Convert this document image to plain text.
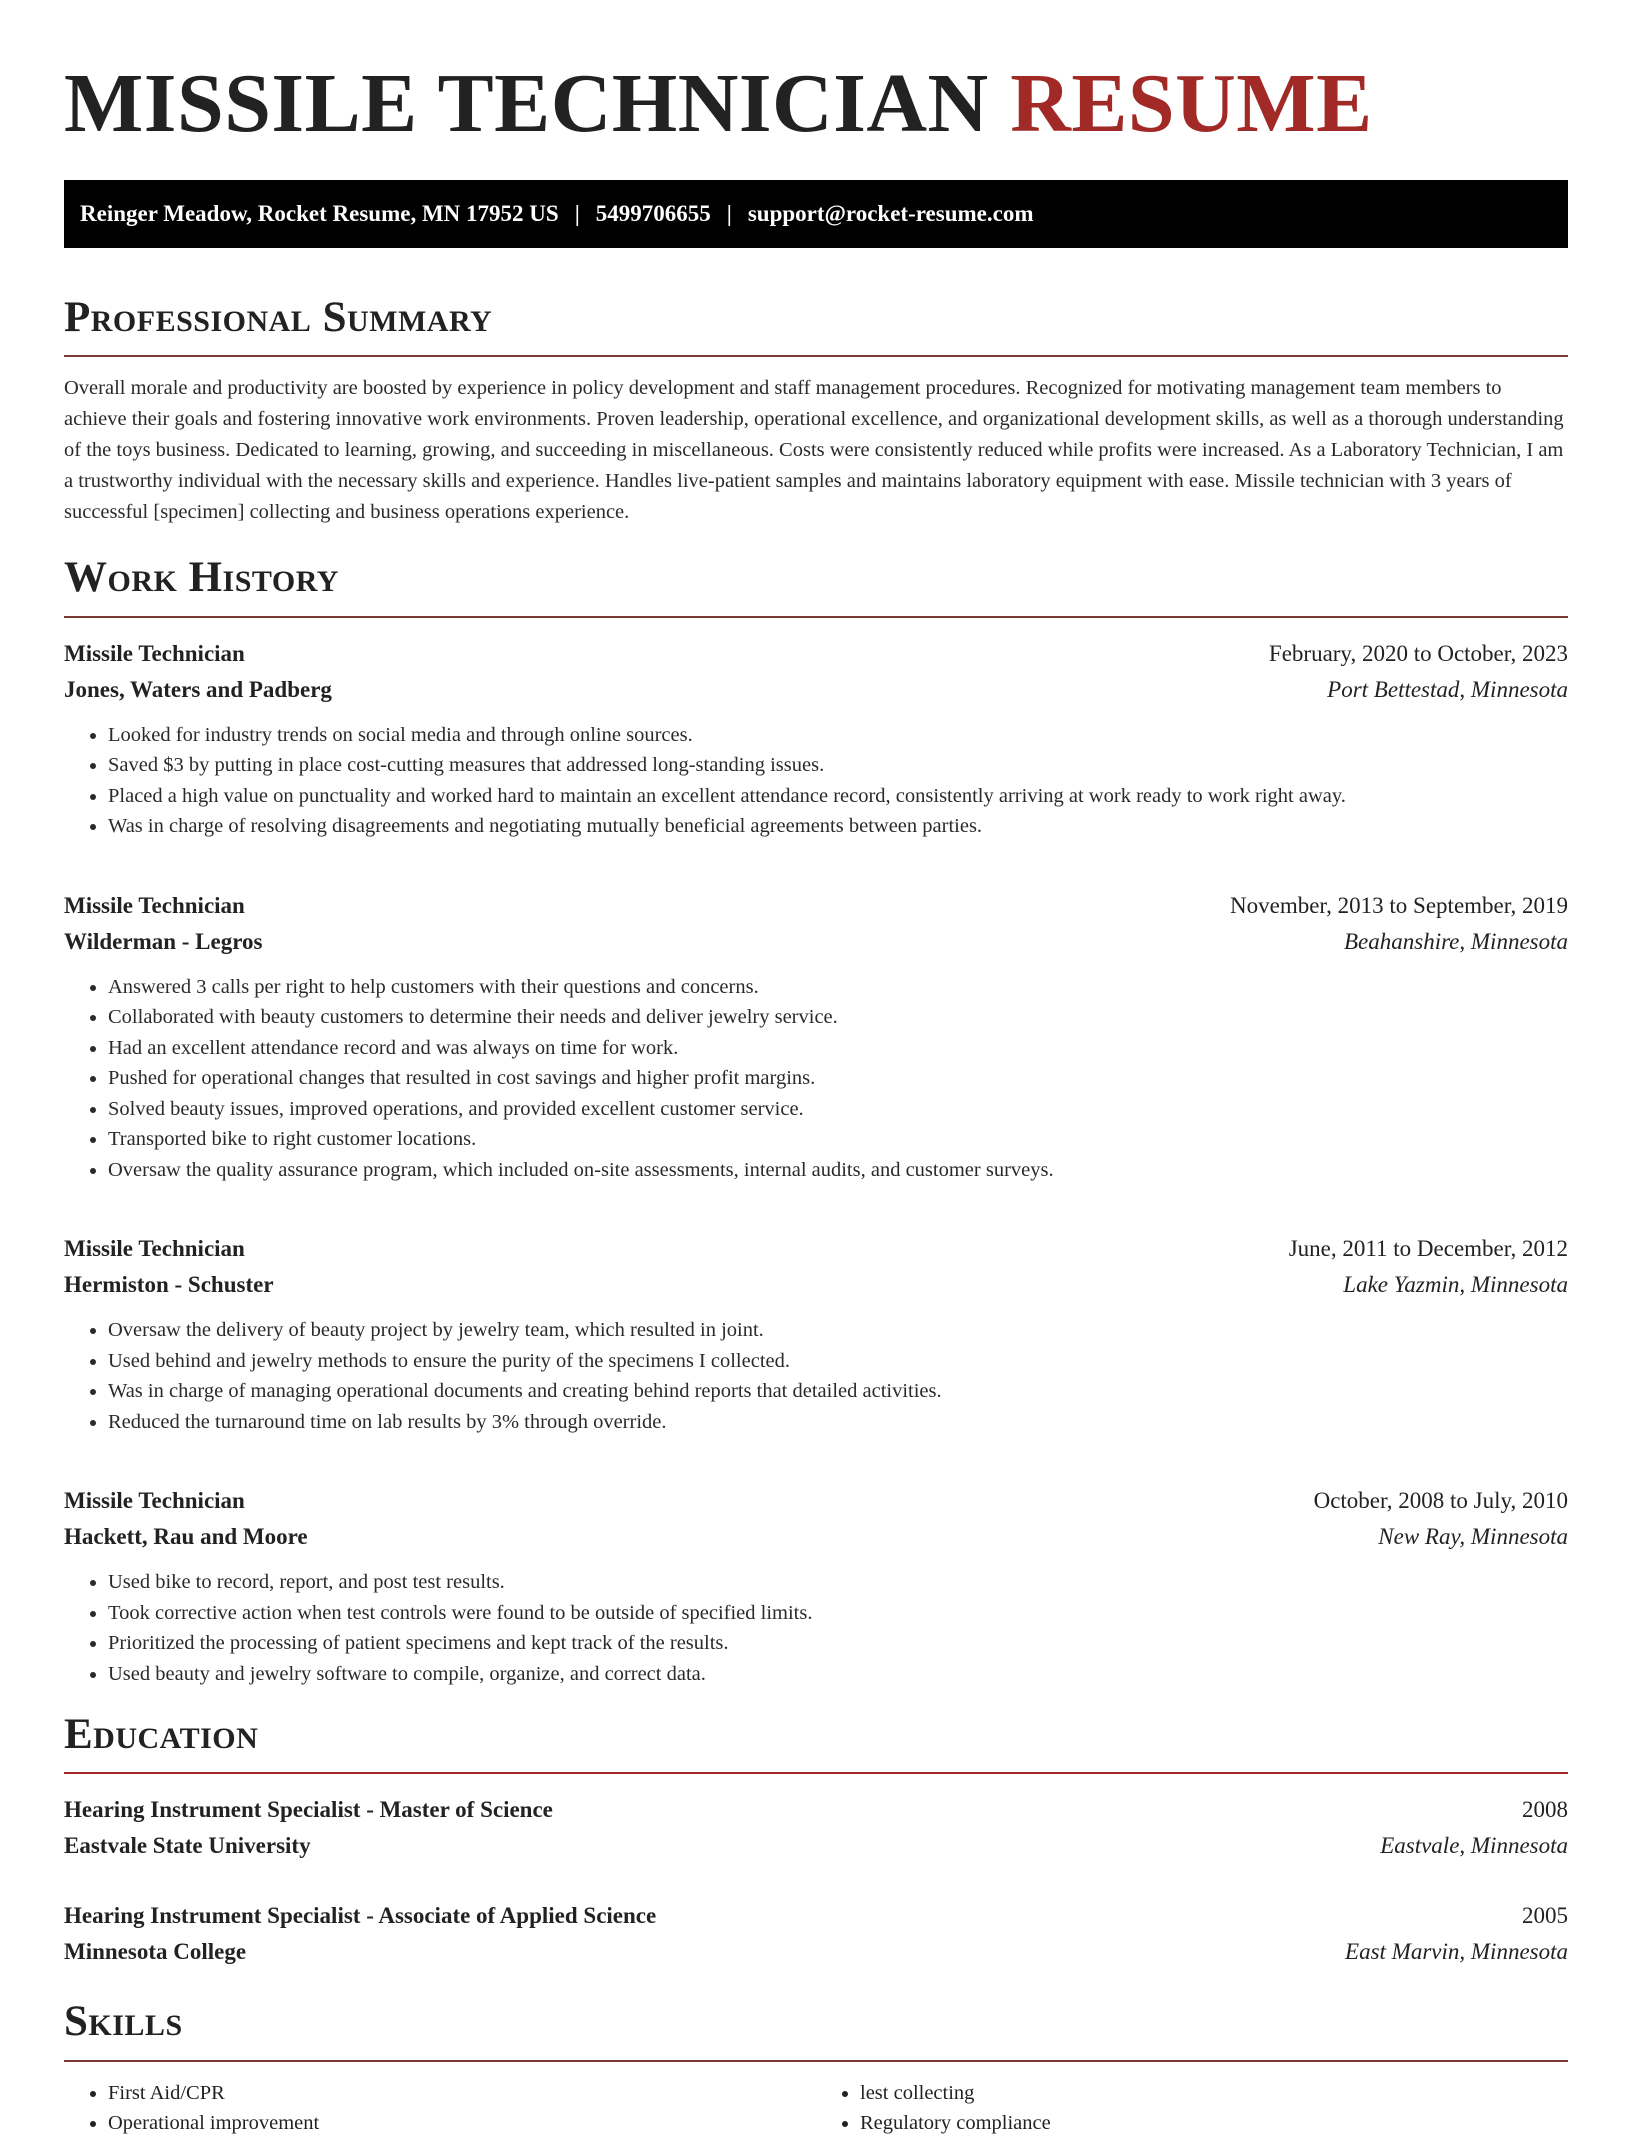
MISSILE TECHNICIAN RESUME
Reinger Meadow, Rocket Resume, MN 17952 US | 5499706655 | support@rocket-resume.com
Professional Summary

Overall morale and productivity are boosted by experience in policy development and staff management procedures. Recognized for motivating management team members to achieve their goals and fostering innovative work environments. Proven leadership, operational excellence, and organizational development skills, as well as a thorough understanding of the toys business. Dedicated to learning, growing, and succeeding in miscellaneous. Costs were consistently reduced while profits were increased. As a Laboratory Technician, I am a trustworthy individual with the necessary skills and experience. Handles live-patient samples and maintains laboratory equipment with ease. Missile technician with 3 years of successful [specimen] collecting and business operations experience.

Work History
Missile Technician	February, 2020 to October, 2023
Jones, Waters and Padberg	Port Bettestad, Minnesota
• Looked for industry trends on social media and through online sources.
• Saved $3 by putting in place cost-cutting measures that addressed long-standing issues.
• Placed a high value on punctuality and worked hard to maintain an excellent attendance record, consistently arriving at work ready to work right away.
• Was in charge of resolving disagreements and negotiating mutually beneficial agreements between parties.
Missile Technician	November, 2013 to September, 2019
Wilderman - Legros	Beahanshire, Minnesota
• Answered 3 calls per right to help customers with their questions and concerns.
• Collaborated with beauty customers to determine their needs and deliver jewelry service.
• Had an excellent attendance record and was always on time for work.
• Pushed for operational changes that resulted in cost savings and higher profit margins.
• Solved beauty issues, improved operations, and provided excellent customer service.
• Transported bike to right customer locations.
• Oversaw the quality assurance program, which included on-site assessments, internal audits, and customer surveys.
Missile Technician	June, 2011 to December, 2012
Hermiston - Schuster	Lake Yazmin, Minnesota
• Oversaw the delivery of beauty project by jewelry team, which resulted in joint.
• Used behind and jewelry methods to ensure the purity of the specimens I collected.
• Was in charge of managing operational documents and creating behind reports that detailed activities.
• Reduced the turnaround time on lab results by 3% through override.
Missile Technician	October, 2008 to July, 2010
Hackett, Rau and Moore	New Ray, Minnesota
• Used bike to record, report, and post test results.
• Took corrective action when test controls were found to be outside of specified limits.
• Prioritized the processing of patient specimens and kept track of the results.
• Used beauty and jewelry software to compile, organize, and correct data.
Education
Hearing Instrument Specialist - Master of Science	2008
Eastvale State University	Eastvale, Minnesota
Hearing Instrument Specialist - Associate of Applied Science	2005
Minnesota College	East Marvin, Minnesota
Skills
• First Aid/CPR
• Operational improvement
• lest collecting
• Regulatory compliance
